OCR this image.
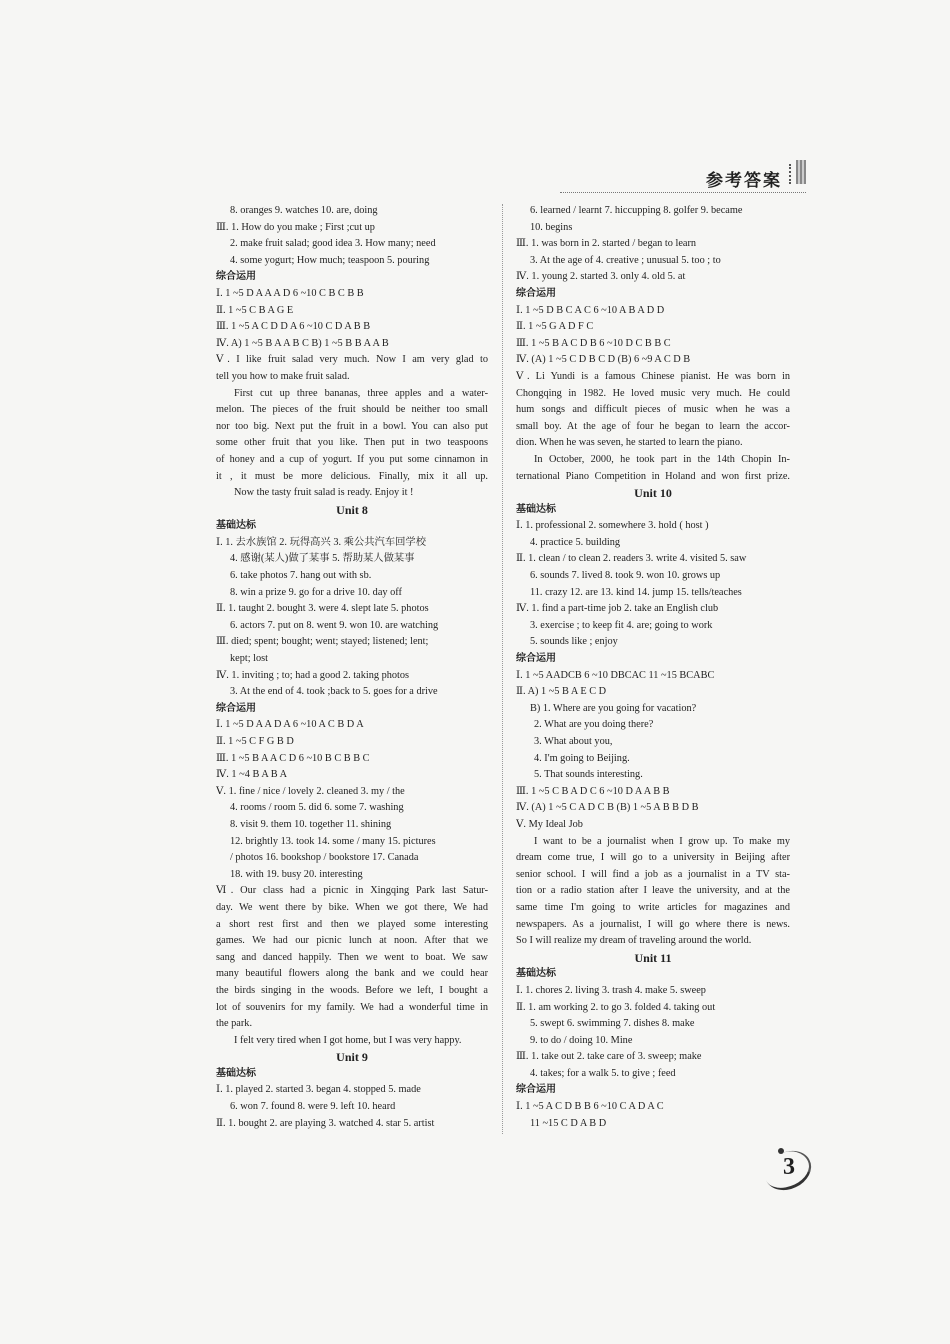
参考答案
8. oranges 9. watches 10. are, doing
Ⅲ. 1. How do you make ; First ;cut up
2. make fruit salad; good idea 3. How many; need
4. some yogurt; How much; teaspoon 5. pouring
综合运用
Ⅰ. 1 ~5 D A A A D 6 ~10 C B C B B
Ⅱ. 1 ~5 C B A G E
Ⅲ. 1 ~5 A C D D A 6 ~10 C D A B B
Ⅳ. A) 1 ~5 B A A B C B) 1 ~5 B B A A B
Ⅴ. I like fruit salad very much. Now I am very glad to
tell you how to make fruit salad.
First cut up three bananas, three apples and a water-
melon. The pieces of the fruit should be neither too small
nor too big. Next put the fruit in a bowl. You can also put
some other fruit that you like. Then put in two teaspoons
of honey and a cup of yogurt. If you put some cinnamon in
it , it must be more delicious. Finally, mix it all up.
Now the tasty fruit salad is ready. Enjoy it !
Unit 8
基础达标
Ⅰ. 1. 去水族馆 2. 玩得高兴 3. 乘公共汽车回学校
4. 感谢(某人)做了某事 5. 帮助某人做某事
6. take photos 7. hang out with sb.
8. win a prize 9. go for a drive 10. day off
Ⅱ. 1. taught 2. bought 3. were 4. slept late 5. photos
6. actors 7. put on 8. went 9. won 10. are watching
Ⅲ. died; spent; bought; went; stayed; listened; lent;
kept; lost
Ⅳ. 1. inviting ; to; had a good 2. taking photos
3. At the end of 4. took ;back to 5. goes for a drive
综合运用
Ⅰ. 1 ~5 D A A D A 6 ~10 A C B D A
Ⅱ. 1 ~5 C F G B D
Ⅲ. 1 ~5 B A A C D 6 ~10 B C B B C
Ⅳ. 1 ~4 B A B A
Ⅴ. 1. fine / nice / lovely 2. cleaned 3. my / the
4. rooms / room 5. did 6. some 7. washing
8. visit 9. them 10. together 11. shining
12. brightly 13. took 14. some / many 15. pictures
/ photos 16. bookshop / bookstore 17. Canada
18. with 19. busy 20. interesting
Ⅵ. Our class had a picnic in Xingqing Park last Satur-
day. We went there by bike. When we got there, We had
a short rest first and then we played some interesting
games. We had our picnic lunch at noon. After that we
sang and danced happily. Then we went to boat. We saw
many beautiful flowers along the bank and we could hear
the birds singing in the woods. Before we left, I bought a
lot of souvenirs for my family. We had a wonderful time in
the park.
I felt very tired when I got home, but I was very happy.
Unit 9
基础达标
Ⅰ. 1. played 2. started 3. began 4. stopped 5. made
6. won 7. found 8. were 9. left 10. heard
Ⅱ. 1. bought 2. are playing 3. watched 4. star 5. artist
6. learned / learnt 7. hiccupping 8. golfer 9. became
10. begins
Ⅲ. 1. was born in 2. started / began to learn
3. At the age of 4. creative ; unusual 5. too ; to
Ⅳ. 1. young 2. started 3. only 4. old 5. at
综合运用
Ⅰ. 1 ~5 D B C A C 6 ~10 A B A D D
Ⅱ. 1 ~5 G A D F C
Ⅲ. 1 ~5 B A C D B 6 ~10 D C B B C
Ⅳ. (A) 1 ~5 C D B C D (B) 6 ~9 A C D B
Ⅴ. Li Yundi is a famous Chinese pianist. He was born in
Chongqing in 1982. He loved music very much. He could
hum songs and difficult pieces of music when he was a
small boy. At the age of four he began to learn the accor-
dion. When he was seven, he started to learn the piano.
In October, 2000, he took part in the 14th Chopin In-
ternational Piano Competition in Holand and won first prize.
Unit 10
基础达标
Ⅰ. 1. professional 2. somewhere 3. hold ( host )
4. practice 5. building
Ⅱ. 1. clean / to clean 2. readers 3. write 4. visited 5. saw
6. sounds 7. lived 8. took 9. won 10. grows up
11. crazy 12. are 13. kind 14. jump 15. tells/teaches
Ⅳ. 1. find a part-time job 2. take an English club
3. exercise ; to keep fit 4. are; going to work
5. sounds like ; enjoy
综合运用
Ⅰ. 1 ~5 AADCB 6 ~10 DBCAC 11 ~15 BCABC
Ⅱ. A) 1 ~5 B A E C D
B) 1. Where are you going for vacation?
2. What are you doing there?
3. What about you,
4. I'm going to Beijing.
5. That sounds interesting.
Ⅲ. 1 ~5 C B A D C 6 ~10 D A A B B
Ⅳ. (A) 1 ~5 C A D C B (B) 1 ~5 A B B D B
Ⅴ. My Ideal Job
I want to be a journalist when I grow up. To make my
dream come true, I will go to a university in Beijing after
senior school. I will find a job as a journalist in a TV sta-
tion or a radio station after I leave the university, and at the
same time I'm going to write articles for magazines and
newspapers. As a journalist, I will go where there is news.
So I will realize my dream of traveling around the world.
Unit 11
基础达标
Ⅰ. 1. chores 2. living 3. trash 4. make 5. sweep
Ⅱ. 1. am working 2. to go 3. folded 4. taking out
5. swept 6. swimming 7. dishes 8. make
9. to do / doing 10. Mine
Ⅲ. 1. take out 2. take care of 3. sweep; make
4. takes; for a walk 5. to give ; feed
综合运用
Ⅰ. 1 ~5 A C D B B 6 ~10 C A D A C
11 ~15 C D A B D
3
